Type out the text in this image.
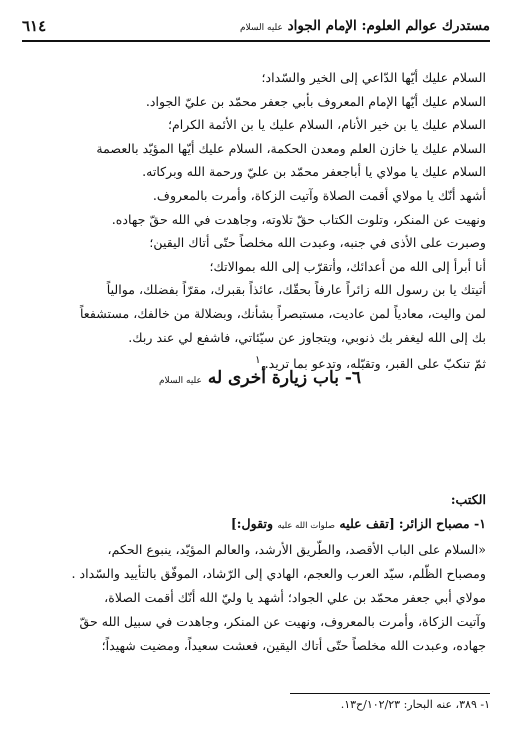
مستدرك عوالم العلوم: الإمام الجواد عليه السلام
٦١٤

السلام عليك أيّها الدّاعي إلى الخير والسّداد؛

السلام عليك أيّها الإمام المعروف بأبي جعفر محمّد بن عليّ الجواد.

السلام عليك يا بن خير الأنام، السلام عليك يا بن الأئمة الكرام؛

السلام عليك يا خازن العلم ومعدن الحكمة، السلام عليك أيّها المؤيّد بالعصمة

السلام عليك يا مولاي يا أباجعفر محمّد بن عليّ ورحمة الله وبركاته.

أشهد أنّك يا مولاي أقمت الصلاة وآتيت الزكاة، وأمرت بالمعروف.

ونهيت عن المنكر، وتلوت الكتاب حقّ تلاوته، وجاهدت في الله حقّ جهاده.

وصبرت على الأذى في جنبه، وعبدت الله مخلصاً حتّى أتاك اليقين؛

أنا أبرأ إلى الله من أعدائك، وأتقرّب إلى الله بموالاتك؛

أتيتك يا بن رسول الله زائراً عارفاً بحقّك، عائذاً بقبرك، مقرّاً بفضلك، موالياً

لمن واليت، معادياً لمن عاديت، مستبصراً بشأنك، وبضلالة من خالفك، مستشفعاً

بك إلى الله ليغفر بك ذنوبي، ويتجاوز عن سيّئاتي، فاشفع لي عند ربك.

ثمّ تنكبّ على القبر، وتقبّله، وتدعو بما تريد. $^١$

٦- باب زيارة أخرى له عليه السلام

الكتب:

١- مصباح الزائر: [تقف عليه صلوات الله عليه وتقول:]

«السلام على الباب الأقصد، والطّريق الأرشد، والعالم المؤيّد، ينبوع الحكم،

ومصباح الظّلم، سيّد العرب والعجم، الهادي إلى الرّشاد، الموفّق بالتأييد والسّداد .

مولاي أبي جعفر محمّد بن علي الجواد؛ أشهد يا وليّ الله أنّك أقمت الصلاة،

وآتيت الزكاة، وأمرت بالمعروف، ونهيت عن المنكر، وجاهدت في سبيل الله حقّ

جهاده، وعبدت الله مخلصاً حتّى أتاك اليقين، فعشت سعيداً، ومضيت شهيداً؛

١- ٣٨٩، عنه البحار: ١٠٢/٢٣/ح١٣.
